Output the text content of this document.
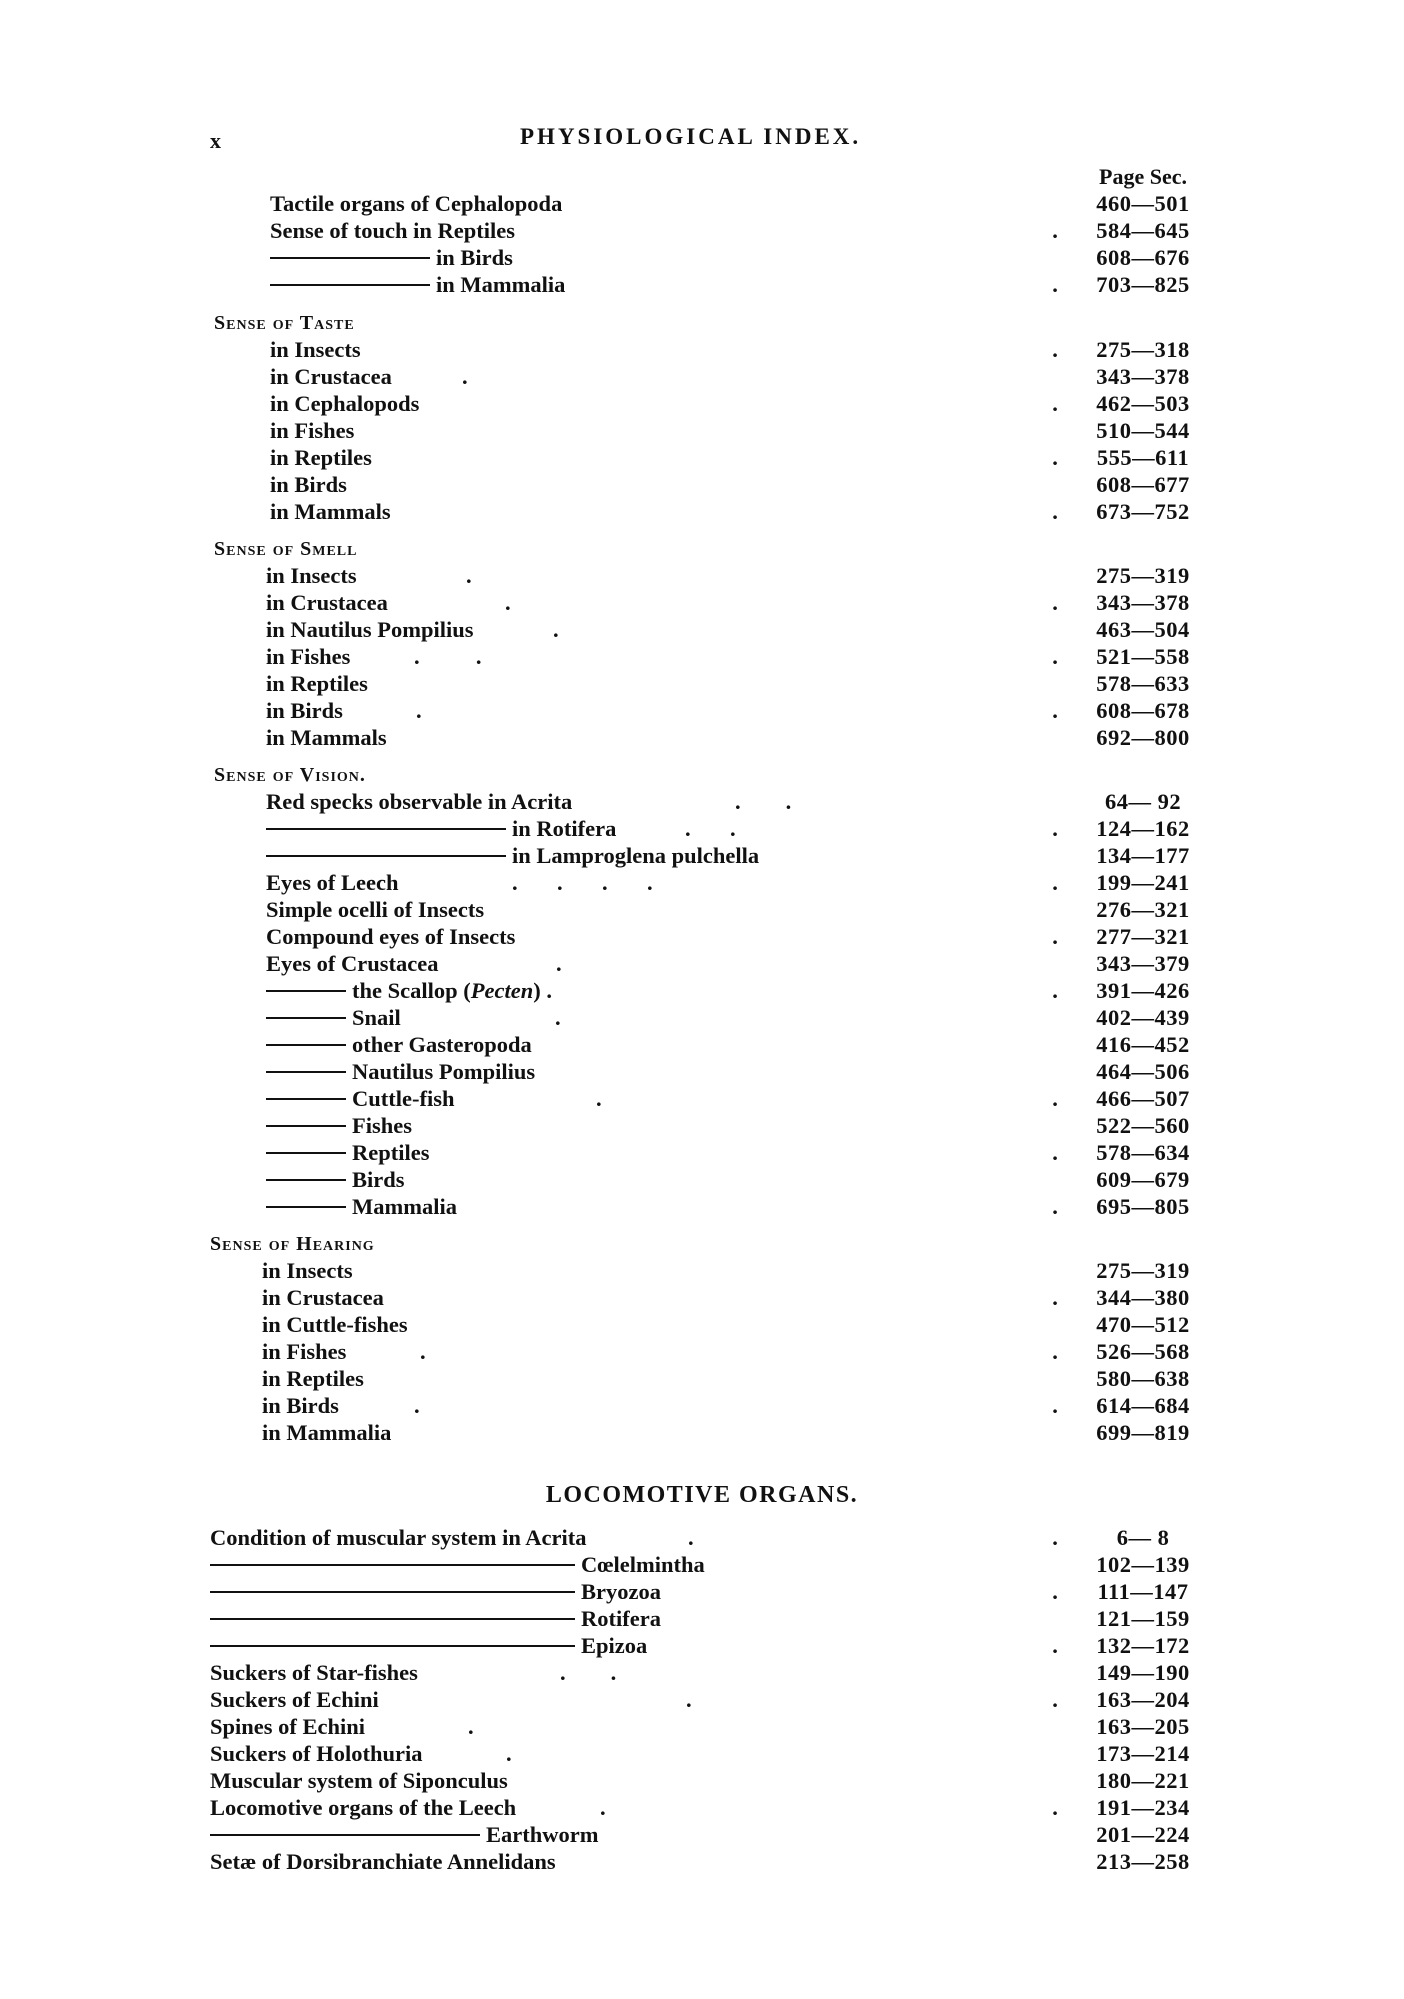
x	PHYSIOLOGICAL INDEX.
Page Sec.
Tactile organs of Cephalopoda	460—501
Sense of touch in Reptiles	.	584—645
in Birds	608—676
in Mammalia	.	703—825
Sense of Taste
in Insects	.	275—318
in Crustacea	.	343—378
in Cephalopods	.	462—503
in Fishes	510—544
in Reptiles	.	555—611
in Birds	608—677
in Mammals	.	673—752
Sense of Smell
in Insects	.	275—319
in Crustacea	.	.	343—378
in Nautilus Pompilius	.	463—504
in Fishes	.          .	.	521—558
in Reptiles	578—633
in Birds	.	.	608—678
in Mammals	692—800
Sense of Vision.
Red specks observable in Acrita	.        .	64— 92
in Rotifera	.       .	.	124—162
in Lamproglena pulchella	134—177
Eyes of Leech	.       .       .       .	.	199—241
Simple ocelli of Insects	276—321
Compound eyes of Insects	.	277—321
Eyes of Crustacea	.	343—379
the Scallop (Pecten) .	.	391—426
Snail	.	402—439
other Gasteropoda	416—452
Nautilus Pompilius	464—506
Cuttle-fish	.	.	466—507
Fishes	522—560
Reptiles	.	578—634
Birds	609—679
Mammalia	.	695—805
Sense of Hearing
in Insects	275—319
in Crustacea	.	344—380
in Cuttle-fishes	470—512
in Fishes	.	.	526—568
in Reptiles	580—638
in Birds	.	.	614—684
in Mammalia	699—819
LOCOMOTIVE ORGANS.
Condition of muscular system in Acrita	.	.	6— 8
Cœlelmintha	102—139
Bryozoa	.	111—147
Rotifera	121—159
Epizoa	.	132—172
Suckers of Star-fishes	.        .	149—190
Suckers of Echini	.	.	163—204
Spines of Echini	.	163—205
Suckers of Holothuria	.	173—214
Muscular system of Siponculus	180—221
Locomotive organs of the Leech	.	.	191—234
Earthworm	201—224
Setæ of Dorsibranchiate Annelidans	213—258
